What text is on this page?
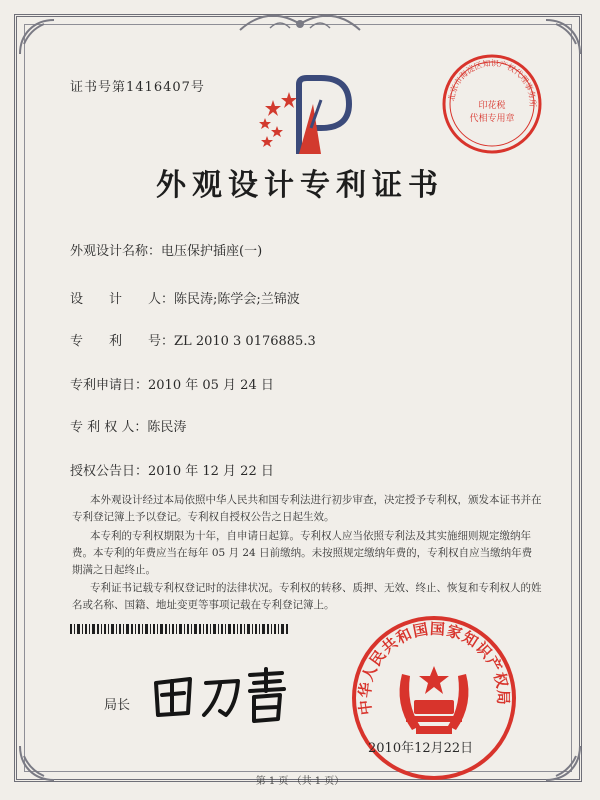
证书号第1416407号
北京市海淀区知识产权代理事务所
印花税
代相专用章
外观设计专利证书
外观设计名称：电压保护插座(一)
设　　计　　人：陈民涛;陈学会;兰锦波
专　　利　　号：ZL 2010 3 0176885.3
专利申请日：2010 年 05 月 24 日
专 利 权 人：陈民涛
授权公告日：2010 年 12 月 22 日
本外观设计经过本局依照中华人民共和国专利法进行初步审查，决定授予专利权，颁发本证书并在专利登记簿上予以登记。专利权自授权公告之日起生效。
本专利的专利权期限为十年，自申请日起算。专利权人应当依照专利法及其实施细则规定缴纳年费。本专利的年费应当在每年 05 月 24 日前缴纳。未按照规定缴纳年费的，专利权自应当缴纳年费期满之日起终止。
专利证书记载专利权登记时的法律状况。专利权的转移、质押、无效、终止、恢复和专利权人的姓名或名称、国籍、地址变更等事项记载在专利登记簿上。
局长	中华人民共和国国家知识产权局
2010年12月22日
第 1 页 （共 1 页）
